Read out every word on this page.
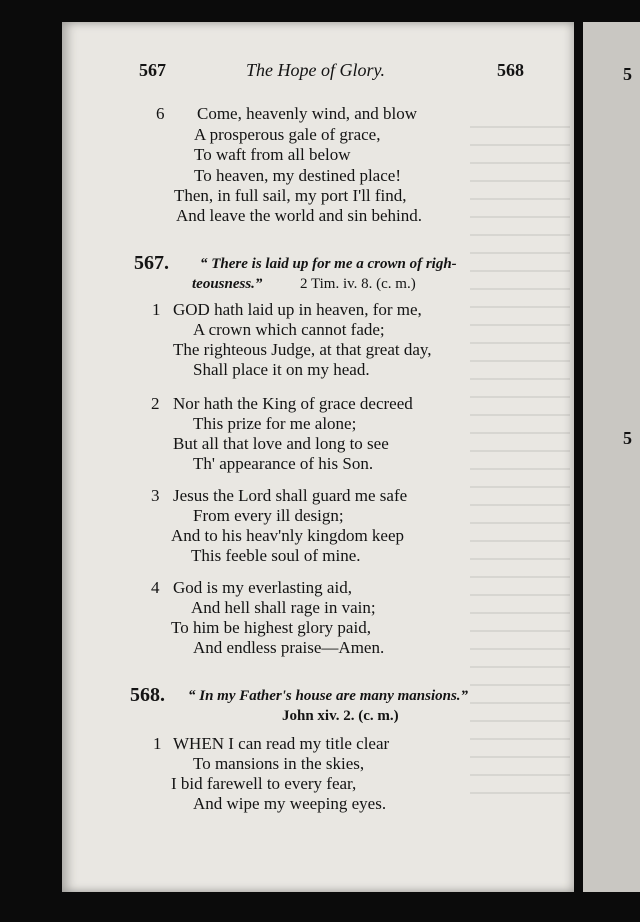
5
5
567	The Hope of Glory.	568
6 Come, heavenly wind, and blow
A prosperous gale of grace,
To waft from all below
To heaven, my destined place!
Then, in full sail, my port I'll find,
And leave the world and sin behind.
567. “ There is laid up for me a crown of righ-
teousness.”	2 Tim. iv. 8. (c. m.)
1 GOD hath laid up in heaven, for me,
A crown which cannot fade;
The righteous Judge, at that great day,
Shall place it on my head.
2 Nor hath the King of grace decreed
This prize for me alone;
But all that love and long to see
Th' appearance of his Son.
3 Jesus the Lord shall guard me safe
From every ill design;
And to his heav'nly kingdom keep
This feeble soul of mine.
4 God is my everlasting aid,
And hell shall rage in vain;
To him be highest glory paid,
And endless praise—Amen.
568. “ In my Father's house are many mansions.”
John xiv. 2. (c. m.)
1 WHEN I can read my title clear
To mansions in the skies,
I bid farewell to every fear,
And wipe my weeping eyes.
